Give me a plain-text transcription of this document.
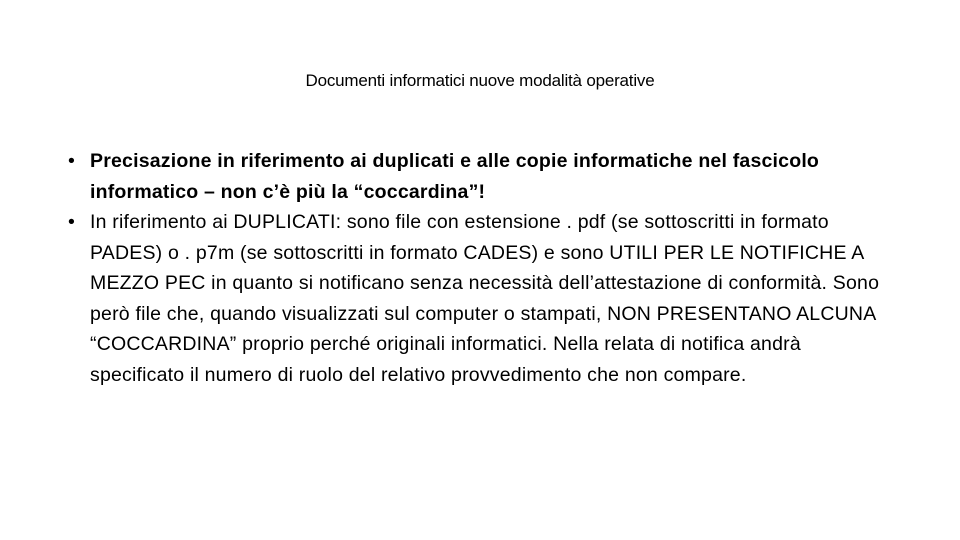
Documenti informatici nuove modalità operative
• Precisazione in riferimento ai duplicati e alle copie informatiche nel fascicolo informatico – non c’è più la “coccardina”!
• In riferimento ai DUPLICATI: sono file con estensione . pdf (se sottoscritti in formato PADES) o . p7m (se sottoscritti in formato CADES) e sono UTILI PER LE NOTIFICHE A MEZZO PEC in quanto si notificano senza necessità dell’attestazione di conformità. Sono però file che, quando visualizzati sul computer o stampati, NON PRESENTANO ALCUNA “COCCARDINA” proprio perché originali informatici. Nella relata di notifica andrà specificato il numero di ruolo del relativo provvedimento che non compare.
